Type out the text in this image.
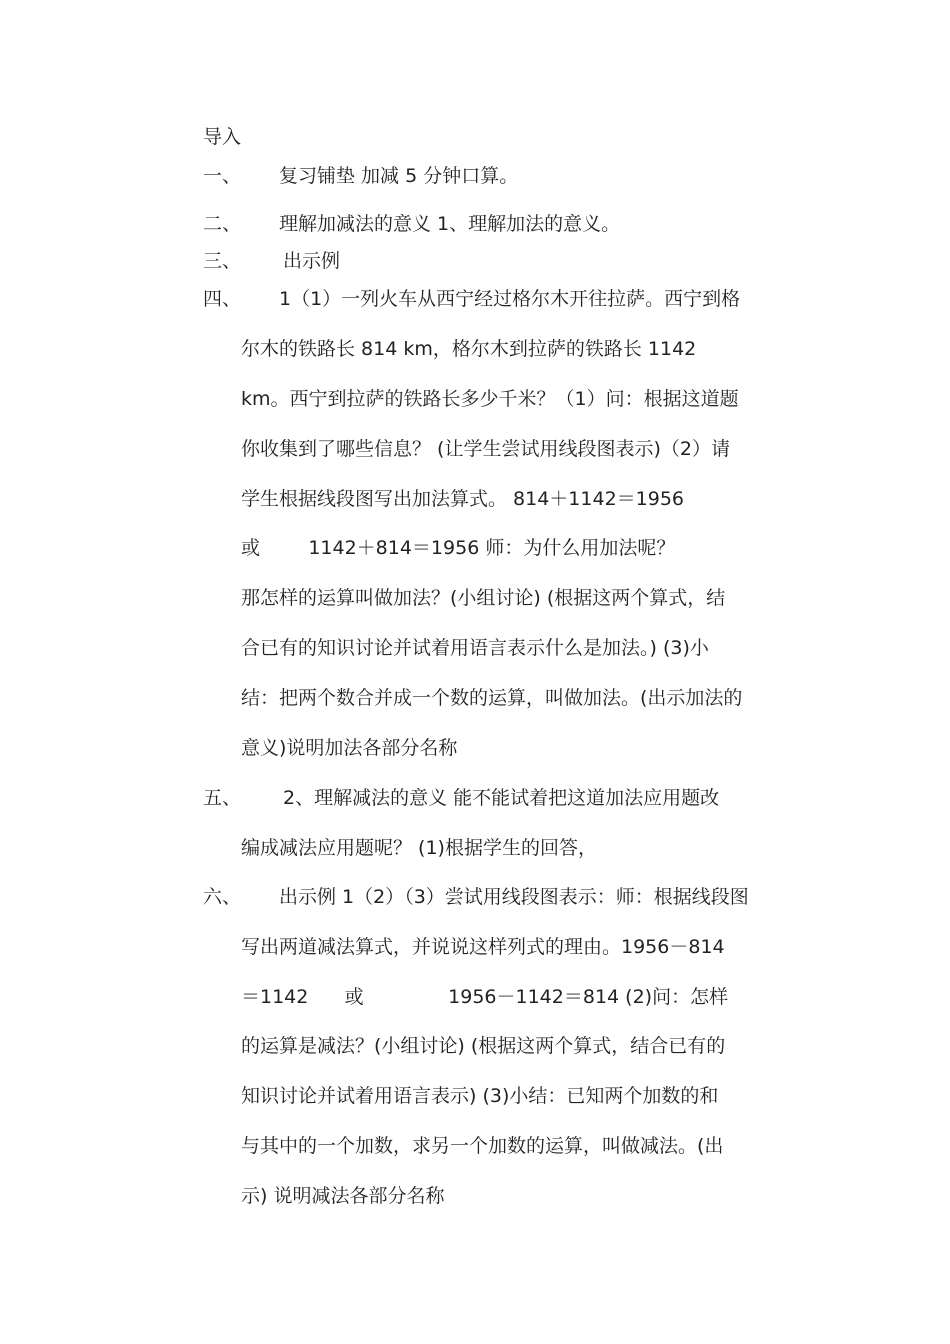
导入
一、 复习铺垫 加减 5 分钟口算。
二、 理解加减法的意义 1、理解加法的意义。
三、 出示例
四、 1（1）一列火车从西宁经过格尔木开往拉萨。西宁到格
尔木的铁路长 814 km，格尔木到拉萨的铁路长 1142
km。西宁到拉萨的铁路长多少千米？（1）问：根据这道题
你收集到了哪些信息？ (让学生尝试用线段图表示)（2）请
学生根据线段图写出加法算式。 814＋1142＝1956
或        1142＋814＝1956 师：为什么用加法呢？
那怎样的运算叫做加法？(小组讨论) (根据这两个算式，结
合已有的知识讨论并试着用语言表示什么是加法。) (3)小
结：把两个数合并成一个数的运算，叫做加法。(出示加法的
意义)说明加法各部分名称
五、 2、理解减法的意义 能不能试着把这道加法应用题改
编成减法应用题呢？ (1)根据学生的回答，
六、 出示例 1（2）（3）尝试用线段图表示：师：根据线段图
写出两道减法算式，并说说这样列式的理由。1956－814
＝1142      或              1956－1142＝814 (2)问：怎样
的运算是减法？(小组讨论) (根据这两个算式，结合已有的
知识讨论并试着用语言表示) (3)小结：已知两个加数的和
与其中的一个加数，求另一个加数的运算，叫做减法。(出
示) 说明减法各部分名称
